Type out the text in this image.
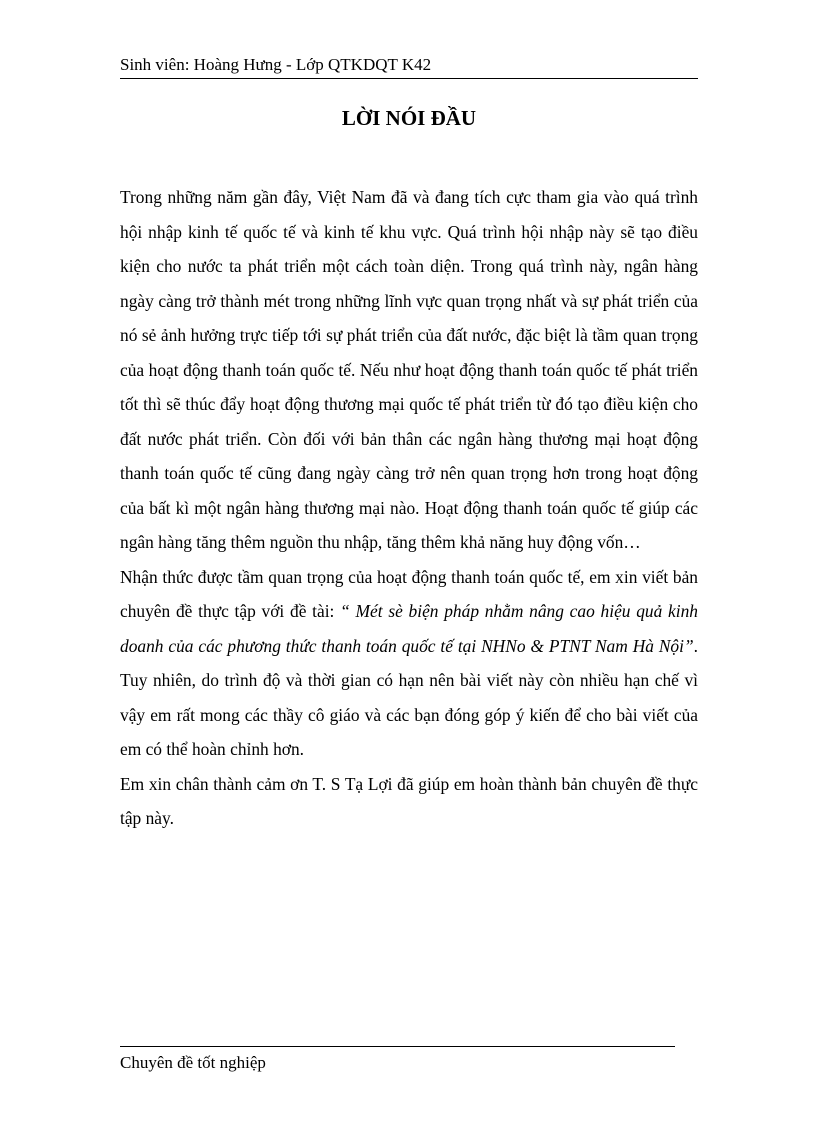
Sinh viên: Hoàng Hưng - Lớp QTKDQT K42
LỜI NÓI ĐẦU

Trong những năm gần đây, Việt Nam đã và đang tích cực tham gia vào quá trình hội nhập kinh tế quốc tế và kinh tế khu vực. Quá trình hội nhập này sẽ tạo điều kiện cho nước ta phát triển một cách toàn diện. Trong quá trình này, ngân hàng ngày càng trở thành mét trong những lĩnh vực quan trọng nhất và sự phát triển của nó sẻ ảnh hưởng trực tiếp tới sự phát triển của đất nước, đặc biệt là tầm quan trọng của hoạt động thanh toán quốc tế. Nếu như hoạt động thanh toán quốc tế phát triển tốt thì sẽ thúc đẩy hoạt động thương mại quốc tế phát triển từ đó tạo điều kiện cho đất nước phát triển. Còn đối với bản thân các ngân hàng thương mại hoạt động thanh toán quốc tế cũng đang ngày càng trở nên quan trọng hơn trong hoạt động của bất kì một ngân hàng thương mại nào. Hoạt động thanh toán quốc tế giúp các ngân hàng tăng thêm nguồn thu nhập, tăng thêm khả năng huy động vốn…

Nhận thức được tầm quan trọng của hoạt động thanh toán quốc tế, em xin viết bản chuyên đề thực tập với đề tài: “ Mét sè biện pháp nhằm nâng cao hiệu quả kinh doanh của các phương thức thanh toán quốc tế tại NHNo & PTNT Nam Hà Nội”. Tuy nhiên, do trình độ và thời gian có hạn nên bài viết này còn nhiều hạn chế vì vậy em rất mong các thầy cô giáo và các bạn đóng góp ý kiến để cho bài viết của em có thể hoàn chỉnh hơn.

Em xin chân thành cảm ơn T. S Tạ Lợi đã giúp em hoàn thành bản chuyên đề thực tập này.

Chuyên đề tốt nghiệp
